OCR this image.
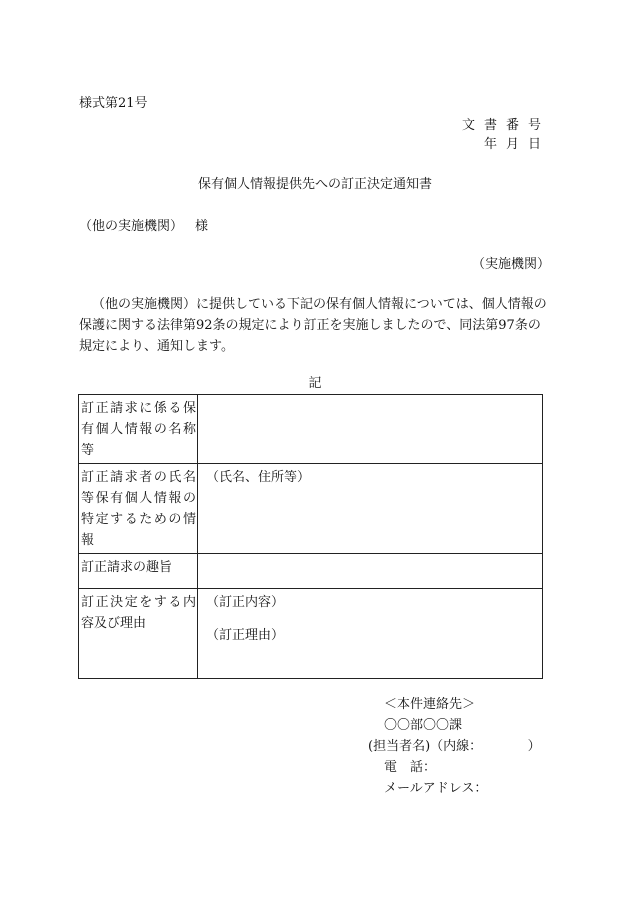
様式第21号
文書番号
年月日
保有個人情報提供先への訂正決定通知書
（他の実施機関） 様
（実施機関）
（他の実施機関）に提供している下記の保有個人情報については、個人情報の保護に関する法律第92条の規定により訂正を実施しましたので、同法第97条の規定により、通知します。
記
訂正請求に係る保有個人情報の名称等	
訂正請求者の氏名等保有個人情報の特定するための情報	（氏名、住所等）
訂正請求の趣旨	
訂正決定をする内容及び理由	（訂正内容）
（訂正理由）
＜本件連絡先＞
〇〇部〇〇課
(担当者名)（内線：　　　　）
電　話：
メールアドレス：
